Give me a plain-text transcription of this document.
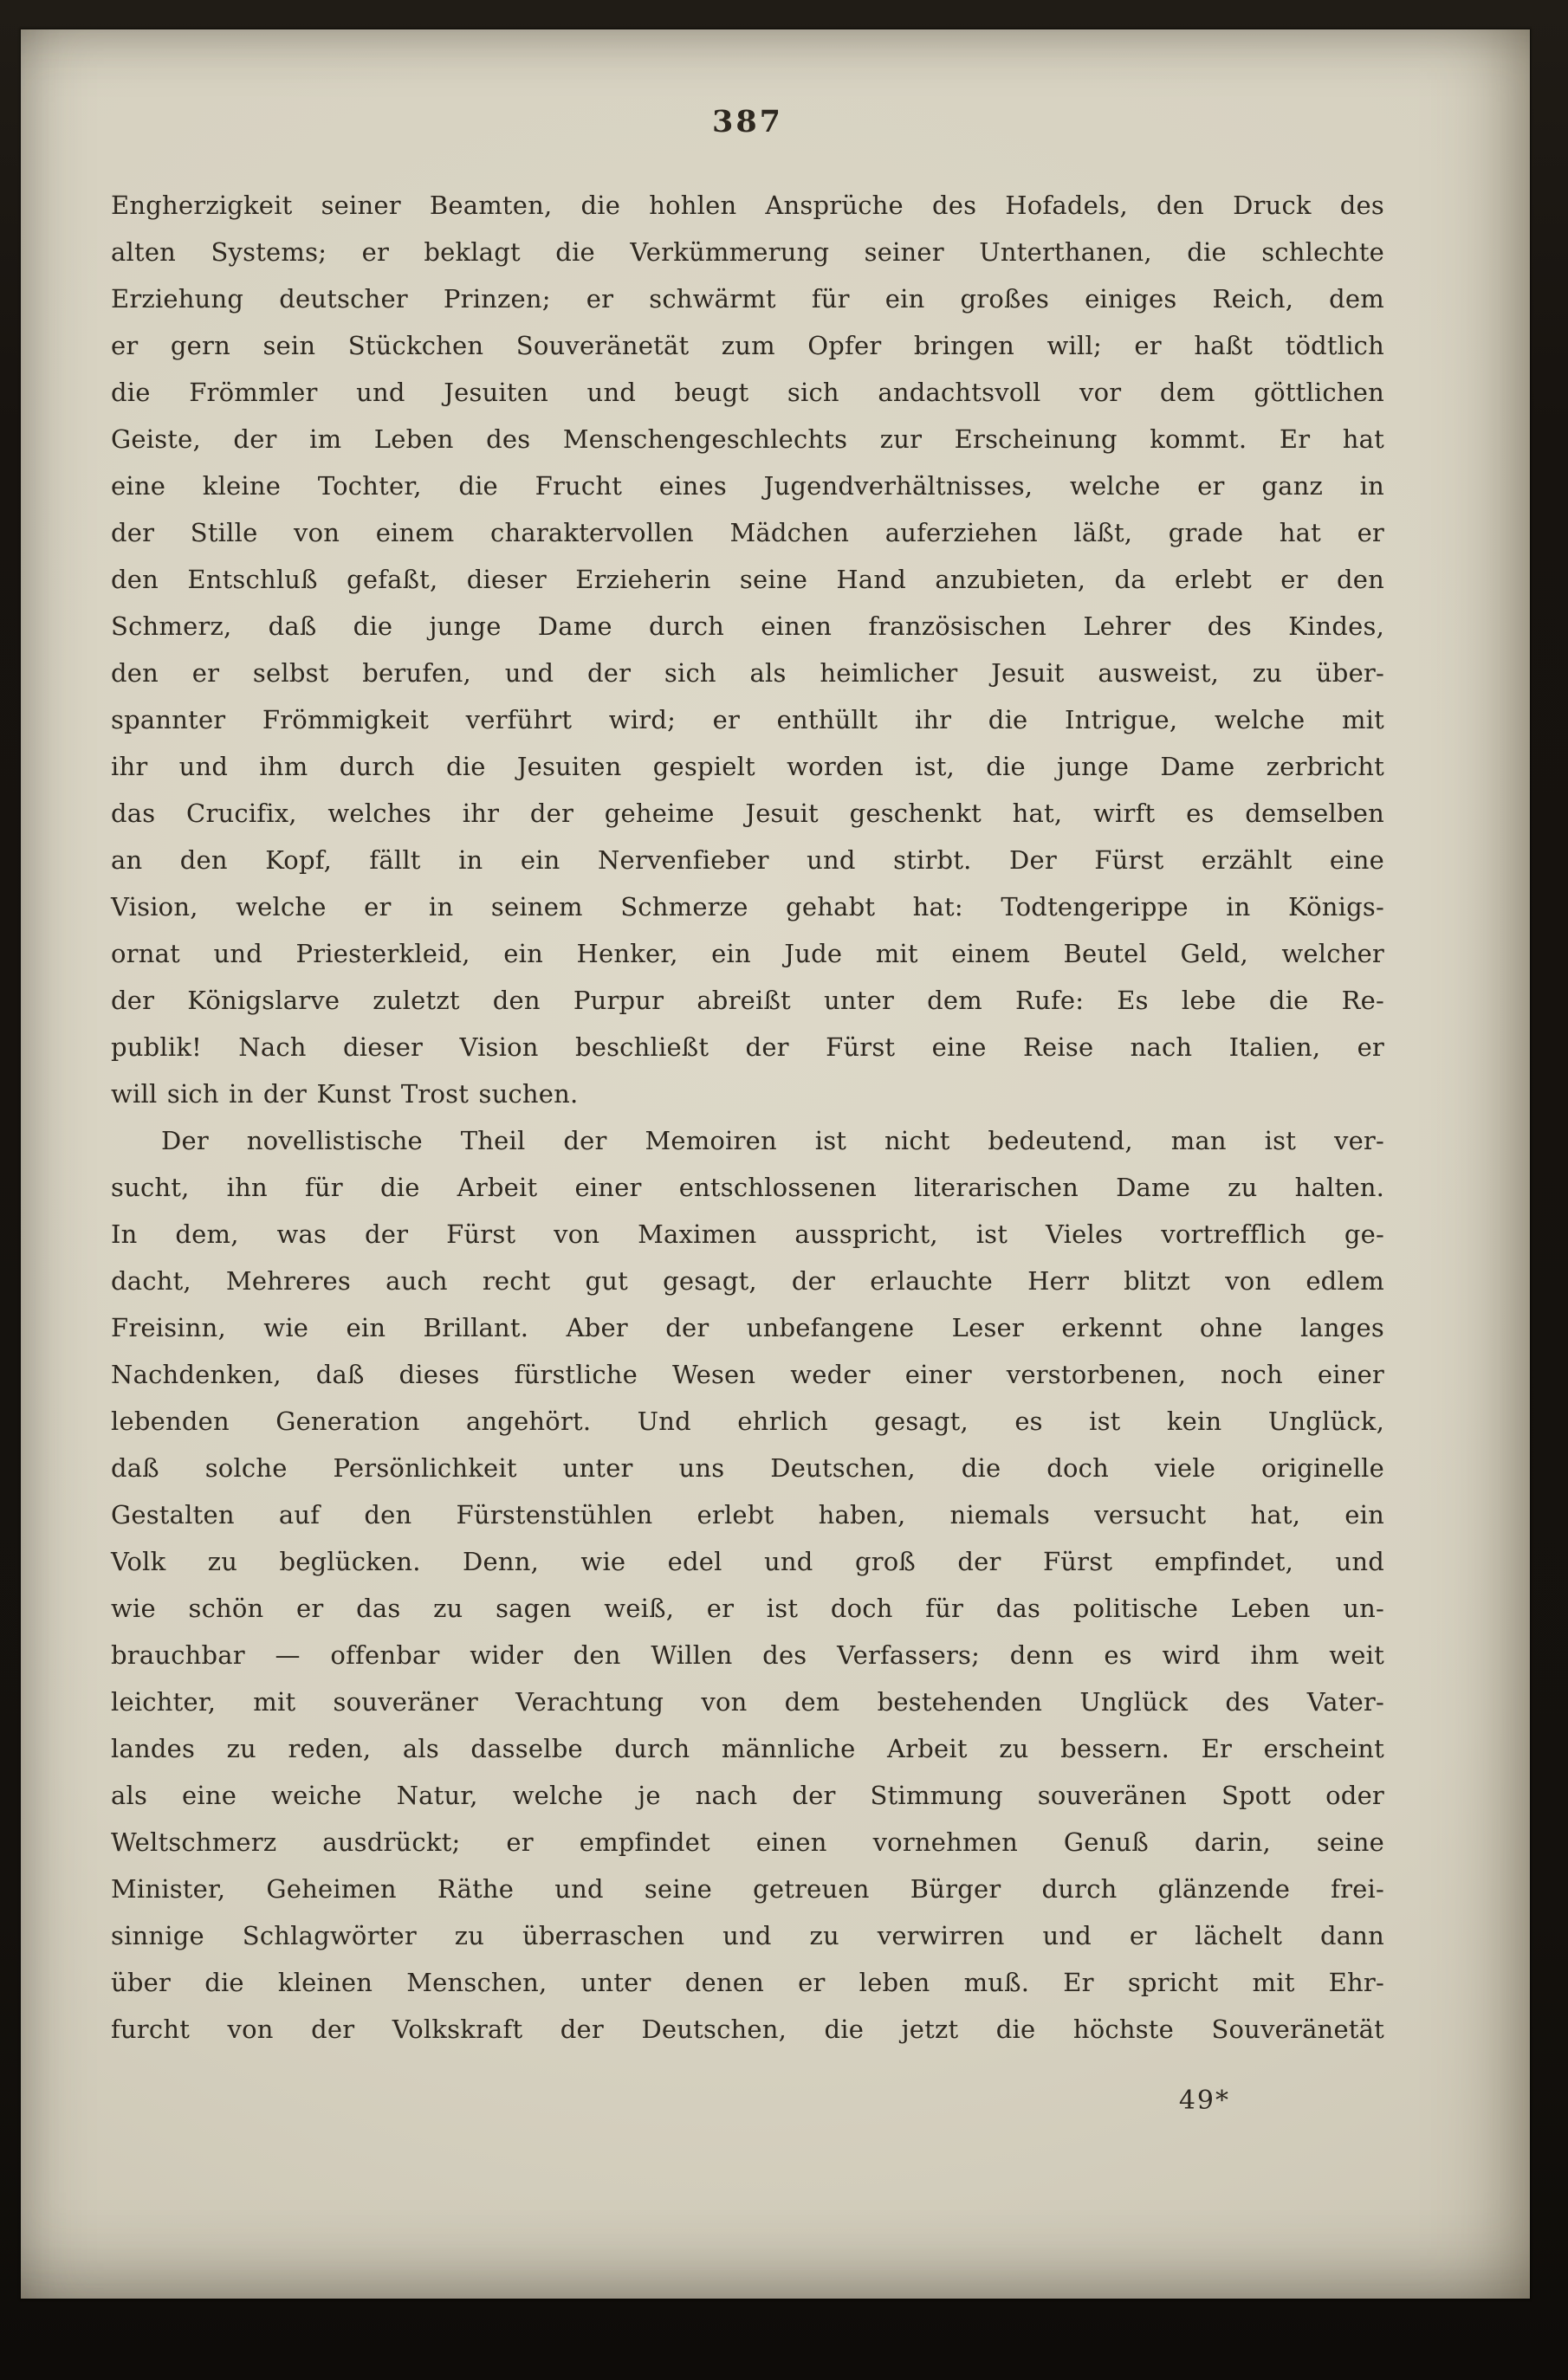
387
Engherzigkeit seiner Beamten, die hohlen Ansprüche des Hofadels, den Druck des
alten Systems; er beklagt die Verkümmerung seiner Unterthanen, die schlechte
Erziehung deutscher Prinzen; er schwärmt für ein großes einiges Reich, dem
er gern sein Stückchen Souveränetät zum Opfer bringen will; er haßt tödtlich
die Frömmler und Jesuiten und beugt sich andachtsvoll vor dem göttlichen
Geiste, der im Leben des Menschengeschlechts zur Erscheinung kommt. Er hat
eine kleine Tochter, die Frucht eines Jugendverhältnisses, welche er ganz in
der Stille von einem charaktervollen Mädchen auferziehen läßt, grade hat er
den Entschluß gefaßt, dieser Erzieherin seine Hand anzubieten, da erlebt er den
Schmerz, daß die junge Dame durch einen französischen Lehrer des Kindes,
den er selbst berufen, und der sich als heimlicher Jesuit ausweist, zu über-
spannter Frömmigkeit verführt wird; er enthüllt ihr die Intrigue, welche mit
ihr und ihm durch die Jesuiten gespielt worden ist, die junge Dame zerbricht
das Crucifix, welches ihr der geheime Jesuit geschenkt hat, wirft es demselben
an den Kopf, fällt in ein Nervenfieber und stirbt. Der Fürst erzählt eine
Vision, welche er in seinem Schmerze gehabt hat: Todtengerippe in Königs-
ornat und Priesterkleid, ein Henker, ein Jude mit einem Beutel Geld, welcher
der Königslarve zuletzt den Purpur abreißt unter dem Rufe: Es lebe die Re-
publik! Nach dieser Vision beschließt der Fürst eine Reise nach Italien, er
will sich in der Kunst Trost suchen.
Der novellistische Theil der Memoiren ist nicht bedeutend, man ist ver-
sucht, ihn für die Arbeit einer entschlossenen literarischen Dame zu halten.
In dem, was der Fürst von Maximen ausspricht, ist Vieles vortrefflich ge-
dacht, Mehreres auch recht gut gesagt, der erlauchte Herr blitzt von edlem
Freisinn, wie ein Brillant. Aber der unbefangene Leser erkennt ohne langes
Nachdenken, daß dieses fürstliche Wesen weder einer verstorbenen, noch einer
lebenden Generation angehört. Und ehrlich gesagt, es ist kein Unglück,
daß solche Persönlichkeit unter uns Deutschen, die doch viele originelle
Gestalten auf den Fürstenstühlen erlebt haben, niemals versucht hat, ein
Volk zu beglücken. Denn, wie edel und groß der Fürst empfindet, und
wie schön er das zu sagen weiß, er ist doch für das politische Leben un-
brauchbar — offenbar wider den Willen des Verfassers; denn es wird ihm weit
leichter, mit souveräner Verachtung von dem bestehenden Unglück des Vater-
landes zu reden, als dasselbe durch männliche Arbeit zu bessern. Er erscheint
als eine weiche Natur, welche je nach der Stimmung souveränen Spott oder
Weltschmerz ausdrückt; er empfindet einen vornehmen Genuß darin, seine
Minister, Geheimen Räthe und seine getreuen Bürger durch glänzende frei-
sinnige Schlagwörter zu überraschen und zu verwirren und er lächelt dann
über die kleinen Menschen, unter denen er leben muß. Er spricht mit Ehr-
furcht von der Volkskraft der Deutschen, die jetzt die höchste Souveränetät
49*
